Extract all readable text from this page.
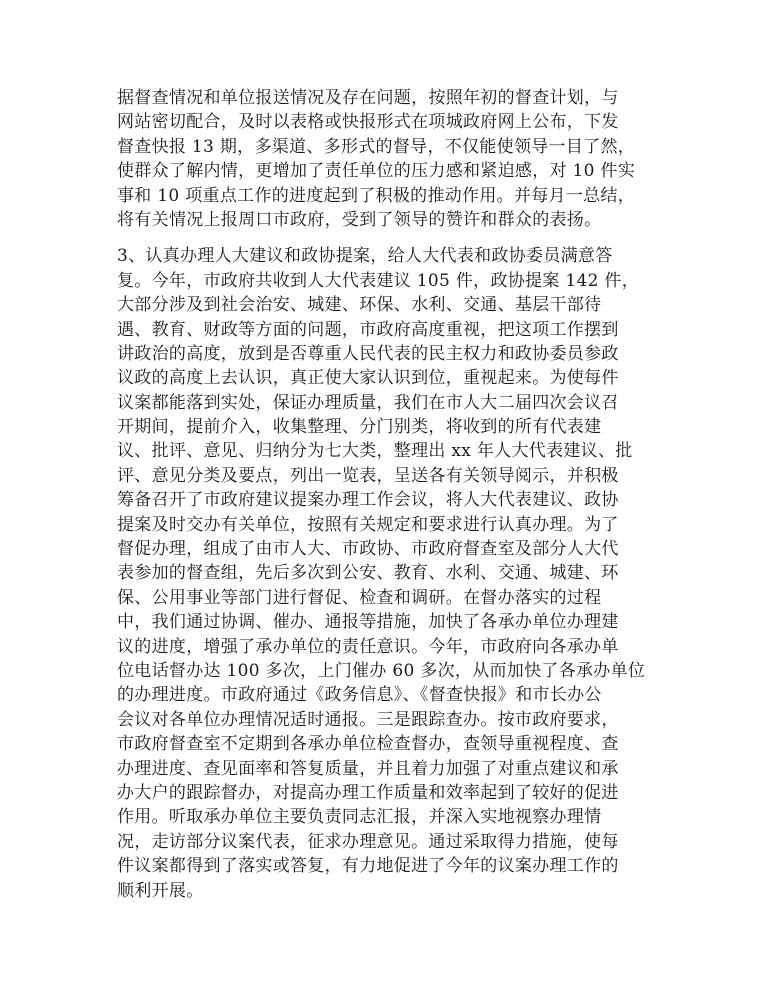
据督查情况和单位报送情况及存在问题，按照年初的督查计划，与
网站密切配合，及时以表格或快报形式在项城政府网上公布，下发
督查快报 13 期，多渠道、多形式的督导，不仅能使领导一目了然，
使群众了解内情，更增加了责任单位的压力感和紧迫感，对 10 件实
事和 10 项重点工作的进度起到了积极的推动作用。并每月一总结，
将有关情况上报周口市政府，受到了领导的赞许和群众的表扬。
3、认真办理人大建议和政协提案，给人大代表和政协委员满意答
复。今年，市政府共收到人大代表建议 105 件，政协提案 142 件，
大部分涉及到社会治安、城建、环保、水利、交通、基层干部待
遇、教育、财政等方面的问题，市政府高度重视，把这项工作摆到
讲政治的高度，放到是否尊重人民代表的民主权力和政协委员参政
议政的高度上去认识，真正使大家认识到位，重视起来。为使每件
议案都能落到实处，保证办理质量，我们在市人大二届四次会议召
开期间，提前介入，收集整理、分门别类，将收到的所有代表建
议、批评、意见、归纳分为七大类，整理出 xx 年人大代表建议、批
评、意见分类及要点，列出一览表，呈送各有关领导阅示，并积极
筹备召开了市政府建议提案办理工作会议，将人大代表建议、政协
提案及时交办有关单位，按照有关规定和要求进行认真办理。为了
督促办理，组成了由市人大、市政协、市政府督查室及部分人大代
表参加的督查组，先后多次到公安、教育、水利、交通、城建、环
保、公用事业等部门进行督促、检查和调研。在督办落实的过程
中，我们通过协调、催办、通报等措施，加快了各承办单位办理建
议的进度，增强了承办单位的责任意识。今年，市政府向各承办单
位电话督办达 100 多次，上门催办 60 多次，从而加快了各承办单位
的办理进度。市政府通过《政务信息》、《督查快报》和市长办公
会议对各单位办理情况适时通报。三是跟踪查办。按市政府要求，
市政府督查室不定期到各承办单位检查督办，查领导重视程度、查
办理进度、查见面率和答复质量，并且着力加强了对重点建议和承
办大户的跟踪督办，对提高办理工作质量和效率起到了较好的促进
作用。听取承办单位主要负责同志汇报，并深入实地视察办理情
况，走访部分议案代表，征求办理意见。通过采取得力措施，使每
件议案都得到了落实或答复，有力地促进了今年的议案办理工作的
顺利开展。
